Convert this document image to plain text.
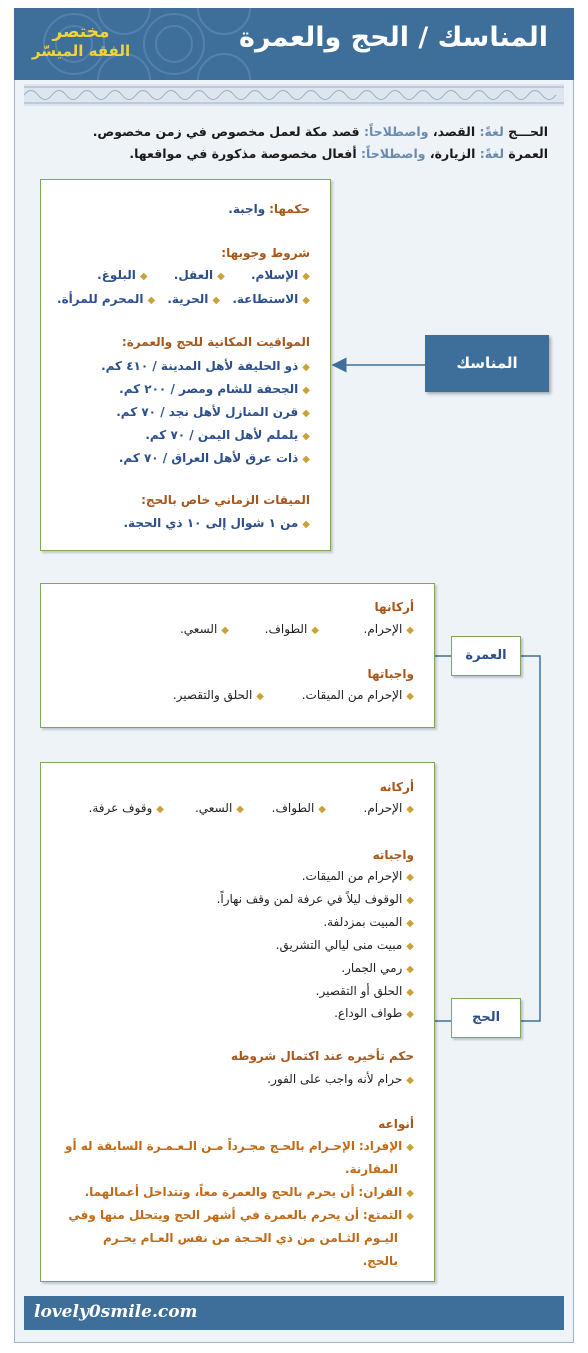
المناسك / الحج والعمرة
مختصر
الفقه الميسّر
الحـــج لغةً: القصد، واصطلاحاً: قصد مكة لعمل مخصوص في زمن مخصوص.
العمرة لغةً: الزيارة، واصطلاحاً: أفعال مخصوصة مذكورة في مواقعها.
حكمها: واجبة.
شروط وجوبها:
◆الإسلام. ◆العقل. ◆البلوغ.
◆الاستطاعة. ◆الحرية. ◆المحرم للمرأة.
المواقيت المكانية للحج والعمرة:
◆ذو الحليفة لأهل المدينة / ٤١٠ كم.
◆الجحفة للشام ومصر / ٢٠٠ كم.
◆قرن المنازل لأهل نجد / ٧٠ كم.
◆يلملم لأهل اليمن / ٧٠ كم.
◆ذات عرق لأهل العراق / ٧٠ كم.
الميقات الزماني خاص بالحج:
◆من ١ شوال إلى ١٠ ذي الحجة.
المناسك
أركانها
◆الإحرام.
◆الطواف.
◆السعي.
واجباتها
◆الإحرام من الميقات.
◆الحلق والتقصير.
العمرة
أركانه
◆الإحرام.
◆الطواف.
◆السعي.
◆وقوف عرفة.
واجباته
◆الإحرام من الميقات.
◆الوقوف ليلاً في عرفة لمن وقف نهاراً.
◆المبيت بمزدلفة.
◆مبيت منى ليالي التشريق.
◆رمي الجمار.
◆الحلق أو التقصير.
◆طواف الوداع.
حكم تأخيره عند اكتمال شروطه
◆حرام لأنه واجب على الفور.
أنواعه
◆الإفراد: الإحـرام بالحـج مجـرداً مـن الـعـمـرة السابقة له أو
المقارنة.
◆القران: أن يحرم بالحج والعمرة معاً، وتتداخل أعمالهما.
◆التمتع: أن يحرم بالعمرة في أشهر الحج ويتحلل منها وفي
اليـوم الثـامن من ذي الحـجة من نفس العـام يحـرم
بالحج.
الحج
lovely0smile.com
